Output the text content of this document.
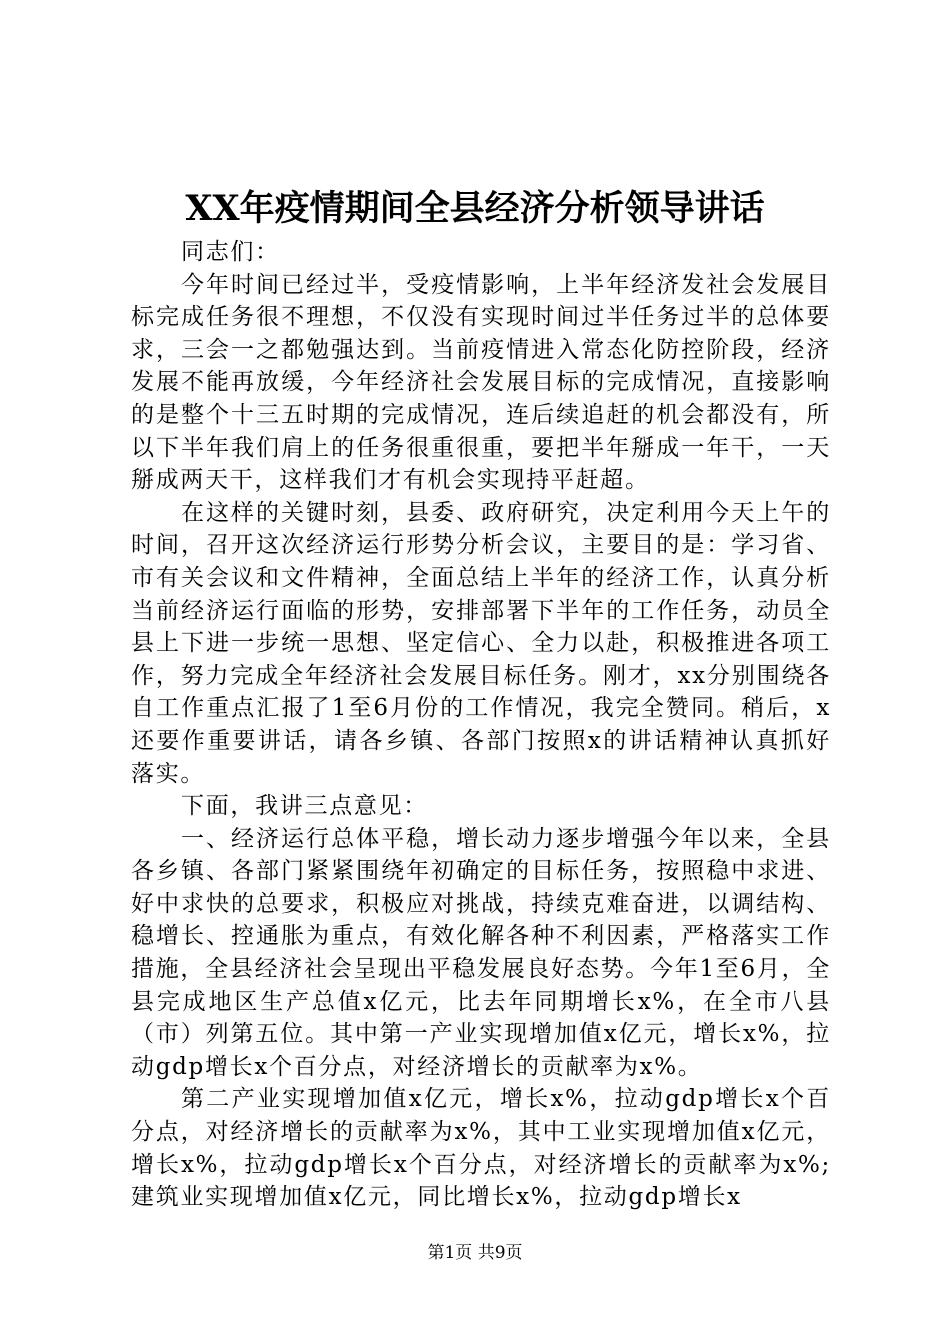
XX年疫情期间全县经济分析领导讲话

同志们：

今年时间已经过半，受疫情影响，上半年经济发社会发展目标完成任务很不理想，不仅没有实现时间过半任务过半的总体要求，三会一之都勉强达到。当前疫情进入常态化防控阶段，经济发展不能再放缓，今年经济社会发展目标的完成情况，直接影响的是整个十三五时期的完成情况，连后续追赶的机会都没有，所以下半年我们肩上的任务很重很重，要把半年掰成一年干，一天掰成两天干，这样我们才有机会实现持平赶超。

在这样的关键时刻，县委、政府研究，决定利用今天上午的时间，召开这次经济运行形势分析会议，主要目的是：学习省、市有关会议和文件精神，全面总结上半年的经济工作，认真分析当前经济运行面临的形势，安排部署下半年的工作任务，动员全县上下进一步统一思想、坚定信心、全力以赴，积极推进各项工作，努力完成全年经济社会发展目标任务。刚才，xx分别围绕各自工作重点汇报了1至6月份的工作情况，我完全赞同。稍后，x还要作重要讲话，请各乡镇、各部门按照x的讲话精神认真抓好落实。

下面，我讲三点意见：

一、经济运行总体平稳，增长动力逐步增强今年以来，全县各乡镇、各部门紧紧围绕年初确定的目标任务，按照稳中求进、好中求快的总要求，积极应对挑战，持续克难奋进，以调结构、稳增长、控通胀为重点，有效化解各种不利因素，严格落实工作措施，全县经济社会呈现出平稳发展良好态势。今年1至6月，全县完成地区生产总值x亿元，比去年同期增长x%，在全市八县（市）列第五位。其中第一产业实现增加值x亿元，增长x%，拉动gdp增长x个百分点，对经济增长的贡献率为x%。

第二产业实现增加值x亿元，增长x%，拉动gdp增长x个百分点，对经济增长的贡献率为x%，其中工业实现增加值x亿元，增长x%，拉动gdp增长x个百分点，对经济增长的贡献率为x%;建筑业实现增加值x亿元，同比增长x%，拉动gdp增长x

第1页 共9页
